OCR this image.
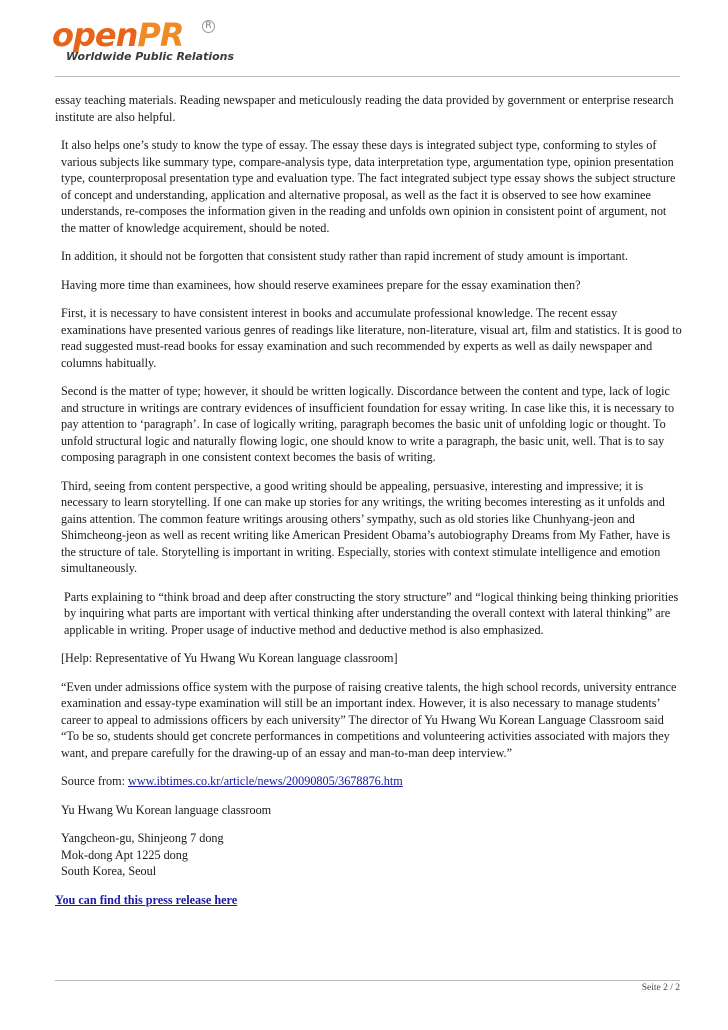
openPR	R
Worldwide Public Relations

essay teaching materials. Reading newspaper and meticulously reading the data provided by government or enterprise research institute are also helpful.

It also helps one’s study to know the type of essay. The essay these days is integrated subject type, conforming to styles of various subjects like summary type, compare-analysis type, data interpretation type, argumentation type, opinion presentation type, counterproposal presentation type and evaluation type. The fact integrated subject type essay shows the subject structure of concept and understanding, application and alternative proposal, as well as the fact it is observed to see how examinee understands, re-composes the information given in the reading and unfolds own opinion in consistent point of argument, not the matter of knowledge acquirement, should be noted.

In addition, it should not be forgotten that consistent study rather than rapid increment of study amount is important.

Having more time than examinees, how should reserve examinees prepare for the essay examination then?

First, it is necessary to have consistent interest in books and accumulate professional knowledge. The recent essay examinations have presented various genres of readings like literature, non-literature, visual art, film and statistics. It is good to read suggested must-read books for essay examination and such recommended by experts as well as daily newspaper and columns habitually.

Second is the matter of type; however, it should be written logically. Discordance between the content and type, lack of logic and structure in writings are contrary evidences of insufficient foundation for essay writing. In case like this, it is necessary to pay attention to ‘paragraph’. In case of logically writing, paragraph becomes the basic unit of unfolding logic or thought. To unfold structural logic and naturally flowing logic, one should know to write a paragraph, the basic unit, well. That is to say composing paragraph in one consistent context becomes the basis of writing.

Third, seeing from content perspective, a good writing should be appealing, persuasive, interesting and impressive; it is necessary to learn storytelling. If one can make up stories for any writings, the writing becomes interesting as it unfolds and gains attention. The common feature writings arousing others’ sympathy, such as old stories like Chunhyang-jeon and Shimcheong-jeon as well as recent writing like American President Obama’s autobiography Dreams from My Father, have is the structure of tale. Storytelling is important in writing. Especially, stories with context stimulate intelligence and emotion simultaneously.

Parts explaining to “think broad and deep after constructing the story structure” and “logical thinking being thinking priorities by inquiring what parts are important with vertical thinking after understanding the overall context with lateral thinking” are applicable in writing. Proper usage of inductive method and deductive method is also emphasized.

[Help: Representative of Yu Hwang Wu Korean language classroom]

“Even under admissions office system with the purpose of raising creative talents, the high school records, university entrance examination and essay-type examination will still be an important index. However, it is also necessary to manage students’ career to appeal to admissions officers by each university” The director of Yu Hwang Wu Korean Language Classroom said “To be so, students should get concrete performances in competitions and volunteering activities associated with majors they want, and prepare carefully for the drawing-up of an essay and man-to-man deep interview.”

Source from: www.ibtimes.co.kr/article/news/20090805/3678876.htm

Yu Hwang Wu Korean language classroom

Yangcheon-gu, Shinjeong 7 dong
Mok-dong Apt 1225 dong
South Korea, Seoul
You can find this press release here
Seite 2 / 2
